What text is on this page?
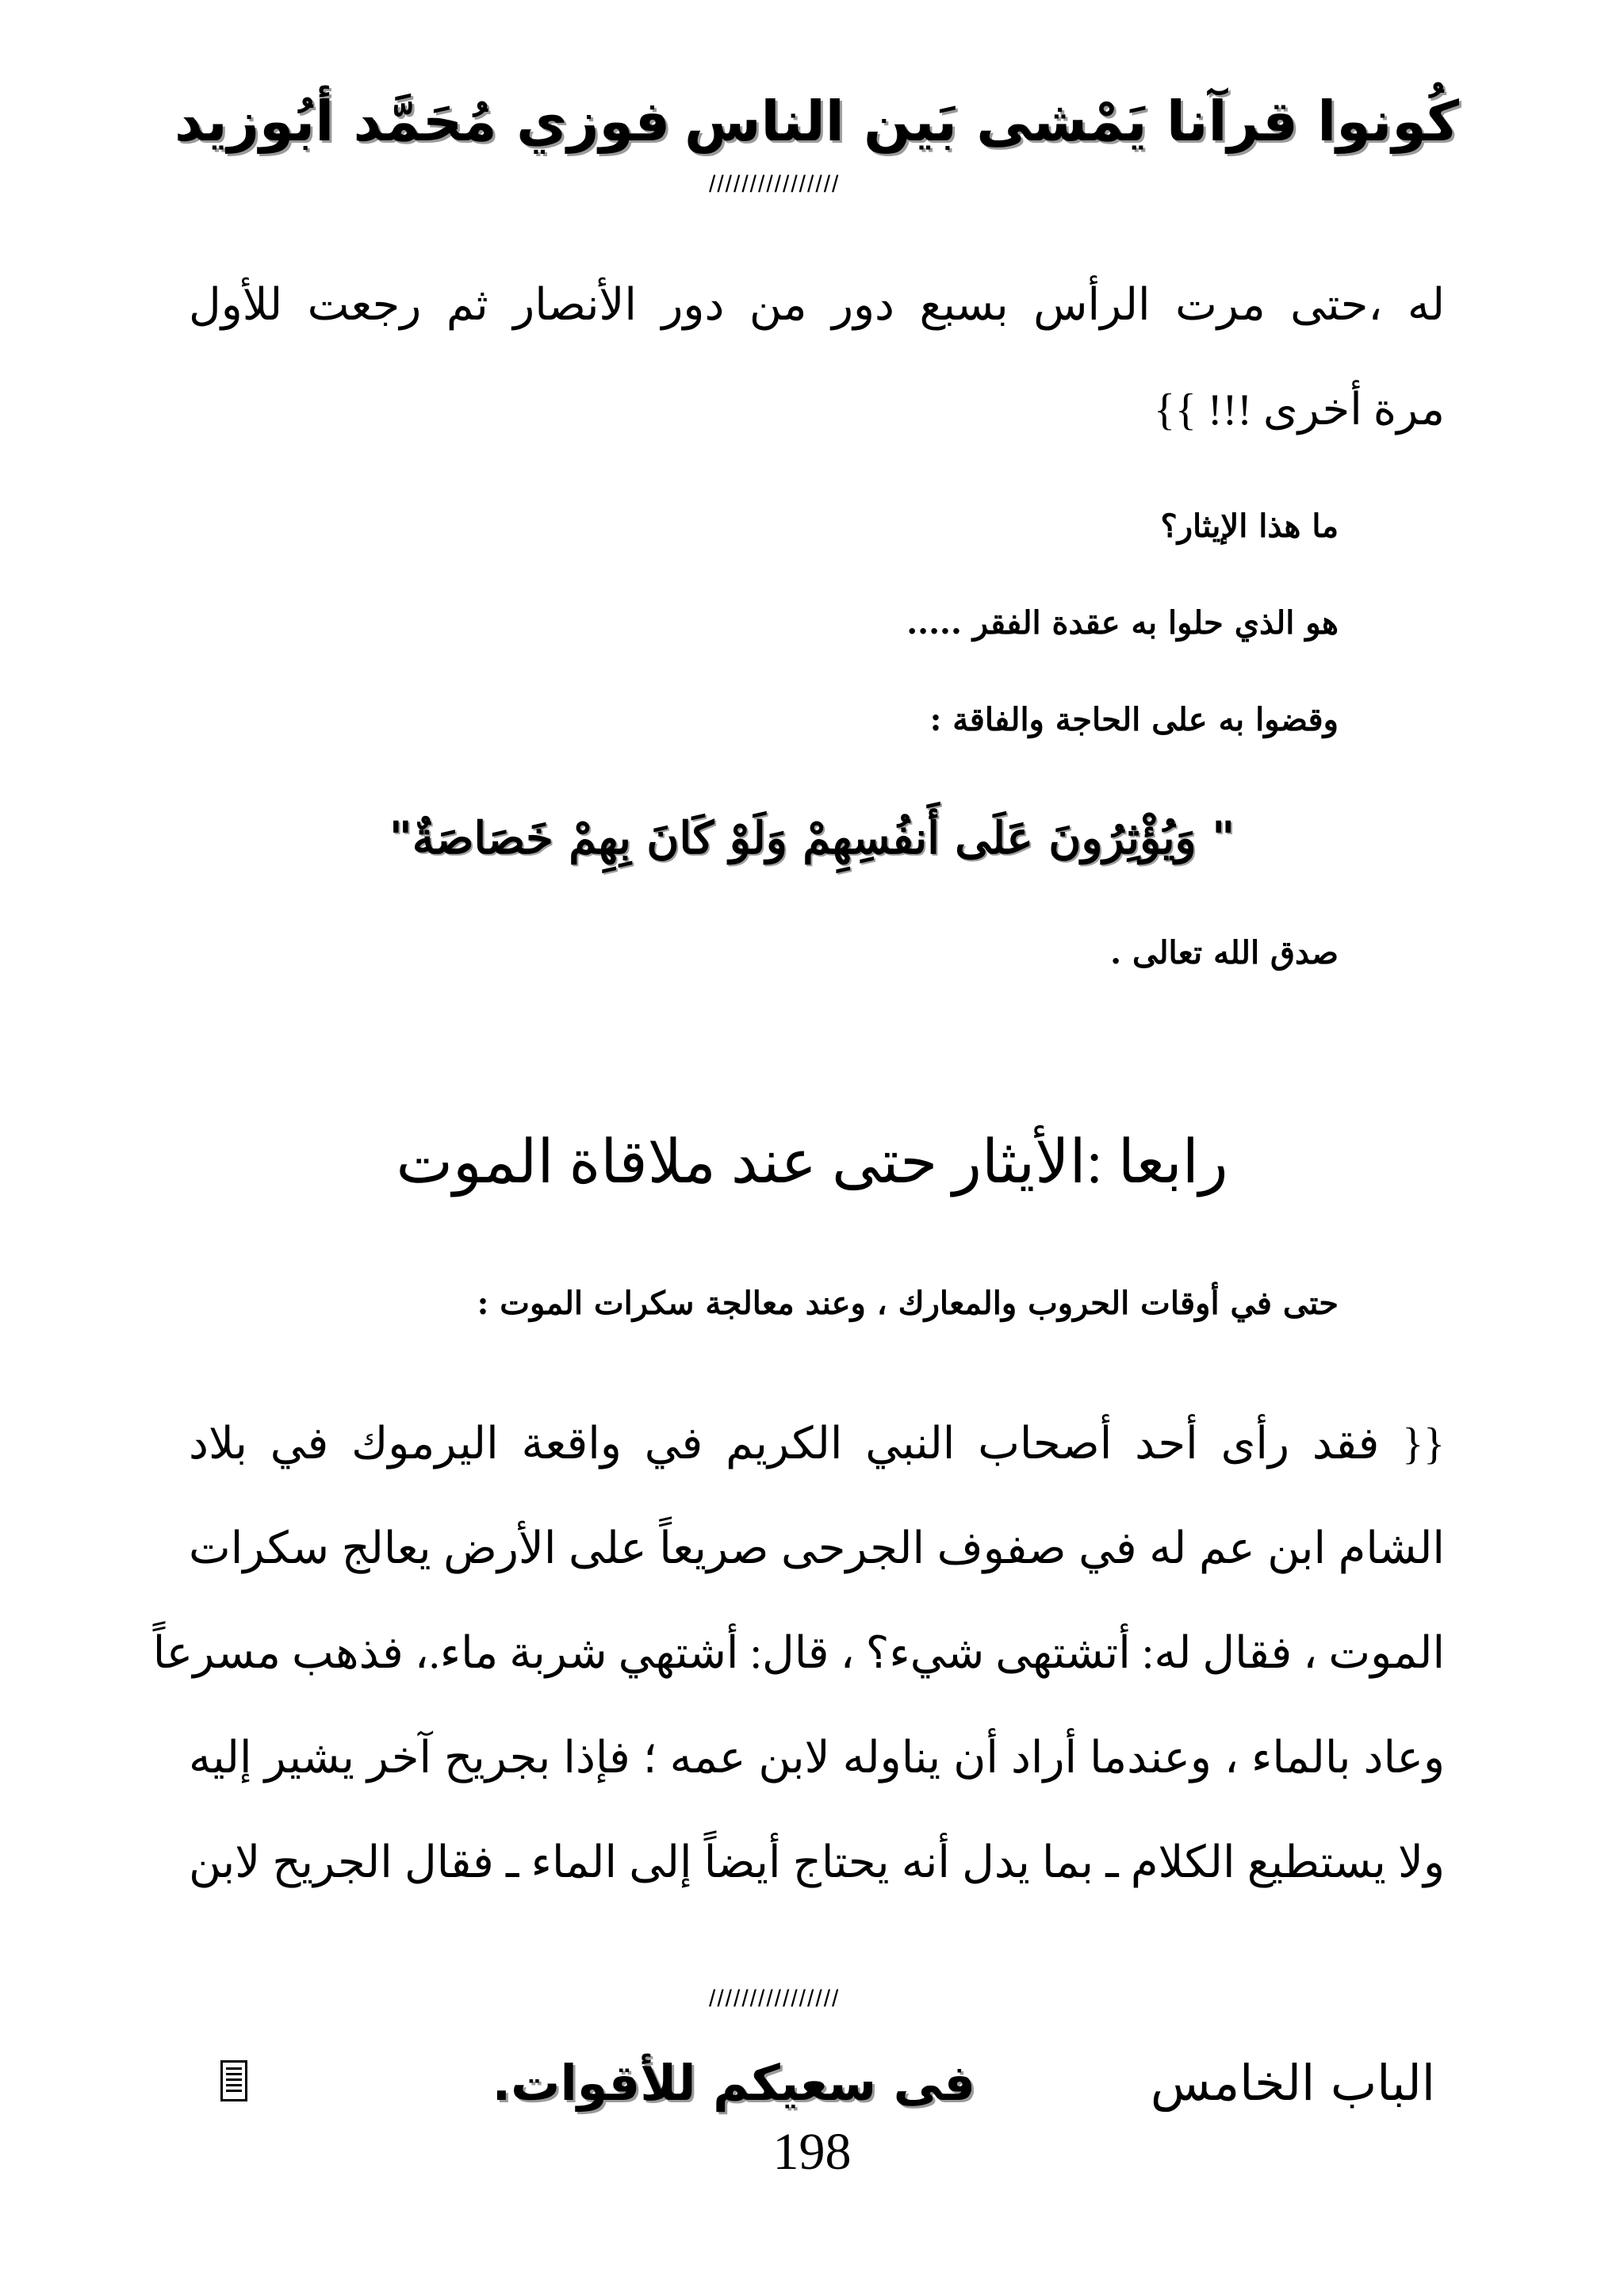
كُونوا قرآنا يَمْشى بَين الناس
فوزي مُحَمَّد أبُوزيد
////////////////
له ،حتى مرت الرأس بسبع دور من دور الأنصار ثم رجعت للأول
مرة أخرى !!! }}
ما هذا الإيثار؟
هو الذي حلوا به عقدة الفقر .....
وقضوا به على الحاجة والفاقة :
" وَيُؤْثِرُونَ عَلَى أَنفُسِهِمْ وَلَوْ كَانَ بِهِمْ خَصَاصَةٌ"
صدق الله تعالى .
رابعا :الأيثار حتى عند ملاقاة الموت
حتى في أوقات الحروب والمعارك ، وعند معالجة سكرات الموت :
{{ فقد رأى أحد أصحاب النبي الكريم في واقعة اليرموك في بلاد
الشام ابن عم له في صفوف الجرحى صريعاً على الأرض يعالج سكرات
الموت ، فقال له: أتشتهى شيء؟ ، قال: أشتهي شربة ماء.، فذهب مسرعاً
وعاد بالماء ، وعندما أراد أن يناوله لابن عمه ؛ فإذا بجريح آخر يشير إليه
ولا يستطيع الكلام ـ بما يدل أنه يحتاج أيضاً إلى الماء ـ فقال الجريح لابن
////////////////
الباب الخامس
فى سعيكم للأقوات.
198
